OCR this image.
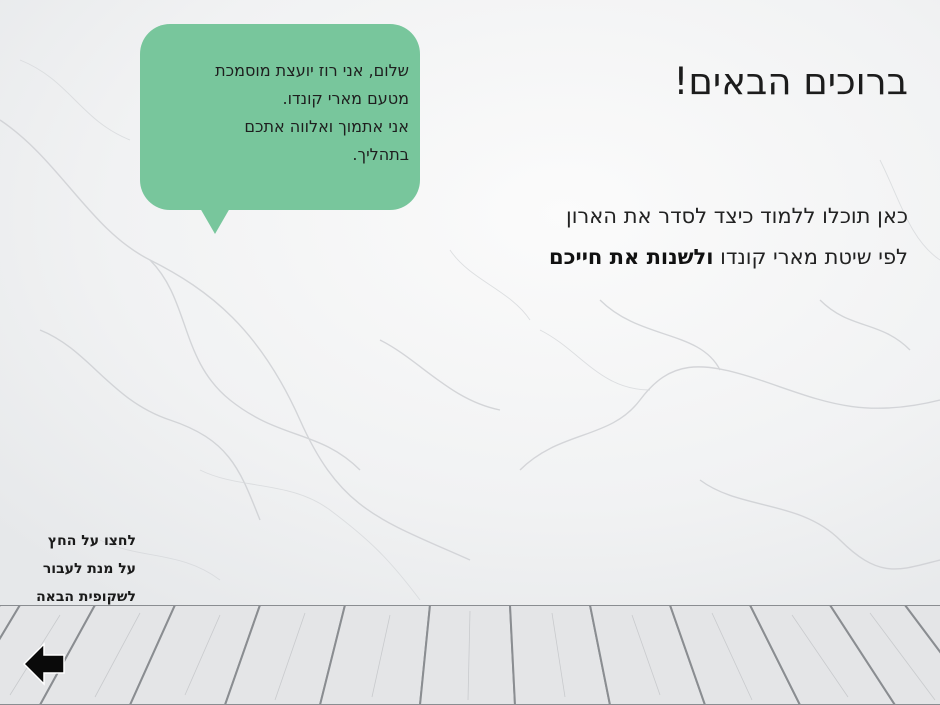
ברוכים הבאים!

כאן תוכלו ללמוד כיצד לסדר את הארון

לפי שיטת מארי קונדו ולשנות את חייכם

שלום, אני רוז יועצת מוסמכת
מטעם מארי קונדו.
אני אתמוך ואלווה אתכם
בתהליך.
לחצו על החץ
על מנת לעבור
לשקופית הבאה
